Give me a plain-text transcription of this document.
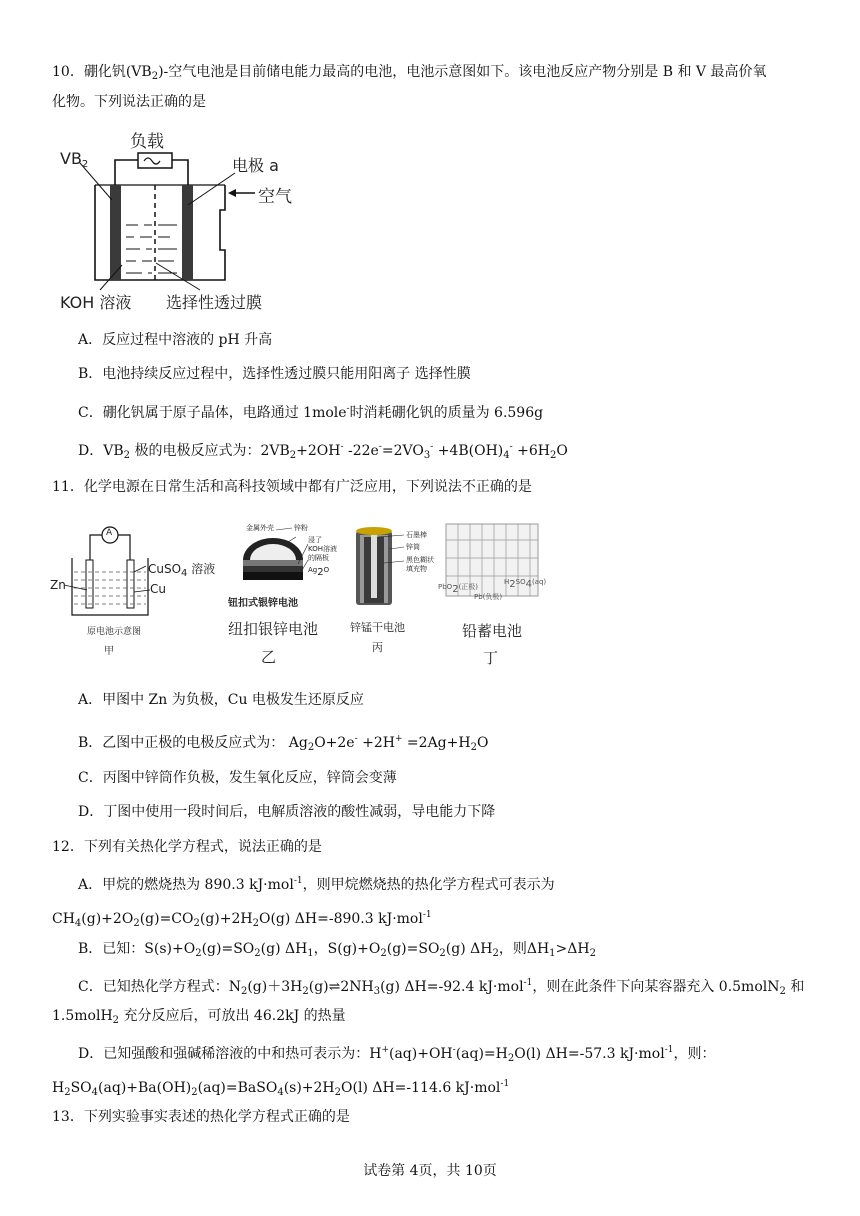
10．硼化钒$(VB_2)-$空气电池是目前储电能力最高的电池，电池示意图如下。该电池反应产物分别是 B 和 V 最高价氧
化物。下列说法正确的是
负载
$VB_2$	电极 a
空气
KOH 溶液 选择性透过膜
A．反应过程中溶液的 pH 升高
B．电池持续反应过程中，选择性透过膜只能用阳离子 选择性膜
C．硼化钒属于原子晶体，电路通过 1mole-时消耗硼化钒的质量为 6.596g
D．$VB_2$ 极的电极反应式为：$2VB_2+2OH^-$ $-22e^-=2VO_3^- +4B(OH)_4^- +6H_2O$
11．化学电源在日常生活和高科技领域中都有广泛应用，下列说法不正确的是
A
Zn
CuSO$_4$ 溶液
Cu
原电池示意图
甲
金属外壳	锌粉
浸了
KOH溶液
的隔板
$Ag_2O$
钮扣式银锌电池
纽扣银锌电池
乙
石墨棒
锌筒
黑色糊状
填充物
锌锰干电池
丙
PbO$_2$(正极)
Pb(负极)
$H_2SO_4(aq)$
铅蓄电池
丁
A．甲图中 Zn 为负极，Cu 电极发生还原反应
B．乙图中正极的电极反应式为： $Ag_2O+2e^- +2H^+ =2Ag+H_2O$
C．丙图中锌筒作负极，发生氧化反应，锌筒会变薄
D．丁图中使用一段时间后，电解质溶液的酸性减弱，导电能力下降
12．下列有关热化学方程式，说法正确的是
A．甲烷的燃烧热为 890.3 kJ·mol$^{-1}$，则甲烷燃烧热的热化学方程式可表示为
$CH_4(g)+2O_2(g)=CO_2(g)+2H_2O(g)$ ΔH=-890.3 kJ·mol$^{-1}$
B．已知：$S(s)+O_2(g)=SO_2(g)$ $\Delta H_1$，$S(g)+O_2(g)=SO_2(g)$ $\Delta H_2$，则$\Delta H_1>\Delta H_2$
C．已知热化学方程式：$N_2(g)+3H_2(g)\rightleftharpoons 2NH_3(g)$ ΔH=-92.4 kJ·mol$^{-1}$，则在此条件下向某容器充入 0.5molN$_2$ 和
1.5molH$_2$ 充分反应后，可放出 46.2kJ 的热量
D．已知强酸和强碱稀溶液的中和热可表示为：$H^+(aq)+OH^-(aq)=H_2O(l)$ ΔH=-57.3 kJ·mol$^{-1}$，则：
$H_2SO_4(aq)+Ba(OH)_2(aq)=BaSO_4(s)+2H_2O(l)$ ΔH=-114.6 kJ·mol$^{-1}$
13．下列实验事实表述的热化学方程式正确的是
试卷第 4页，共 10页
